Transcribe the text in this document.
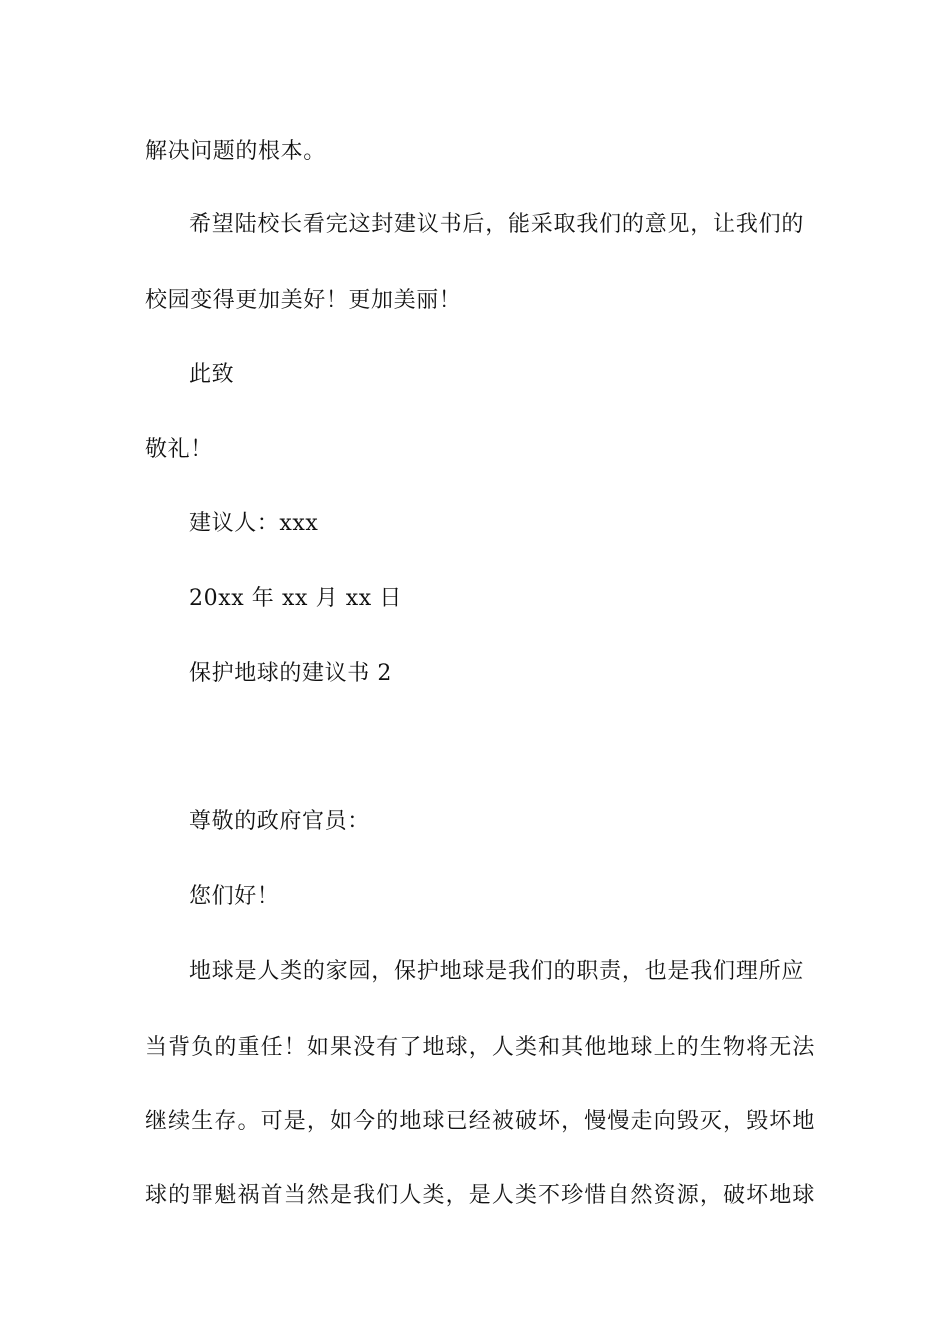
解决问题的根本。
希望陆校长看完这封建议书后，能采取我们的意见，让我们的
校园变得更加美好！更加美丽！
此致
敬礼！
建议人：xxx
20xx 年 xx 月 xx 日
保护地球的建议书 2
尊敬的政府官员：
您们好！
地球是人类的家园，保护地球是我们的职责，也是我们理所应
当背负的重任！如果没有了地球，人类和其他地球上的生物将无法
继续生存。可是，如今的地球已经被破坏，慢慢走向毁灭，毁坏地
球的罪魁祸首当然是我们人类，是人类不珍惜自然资源，破坏地球
